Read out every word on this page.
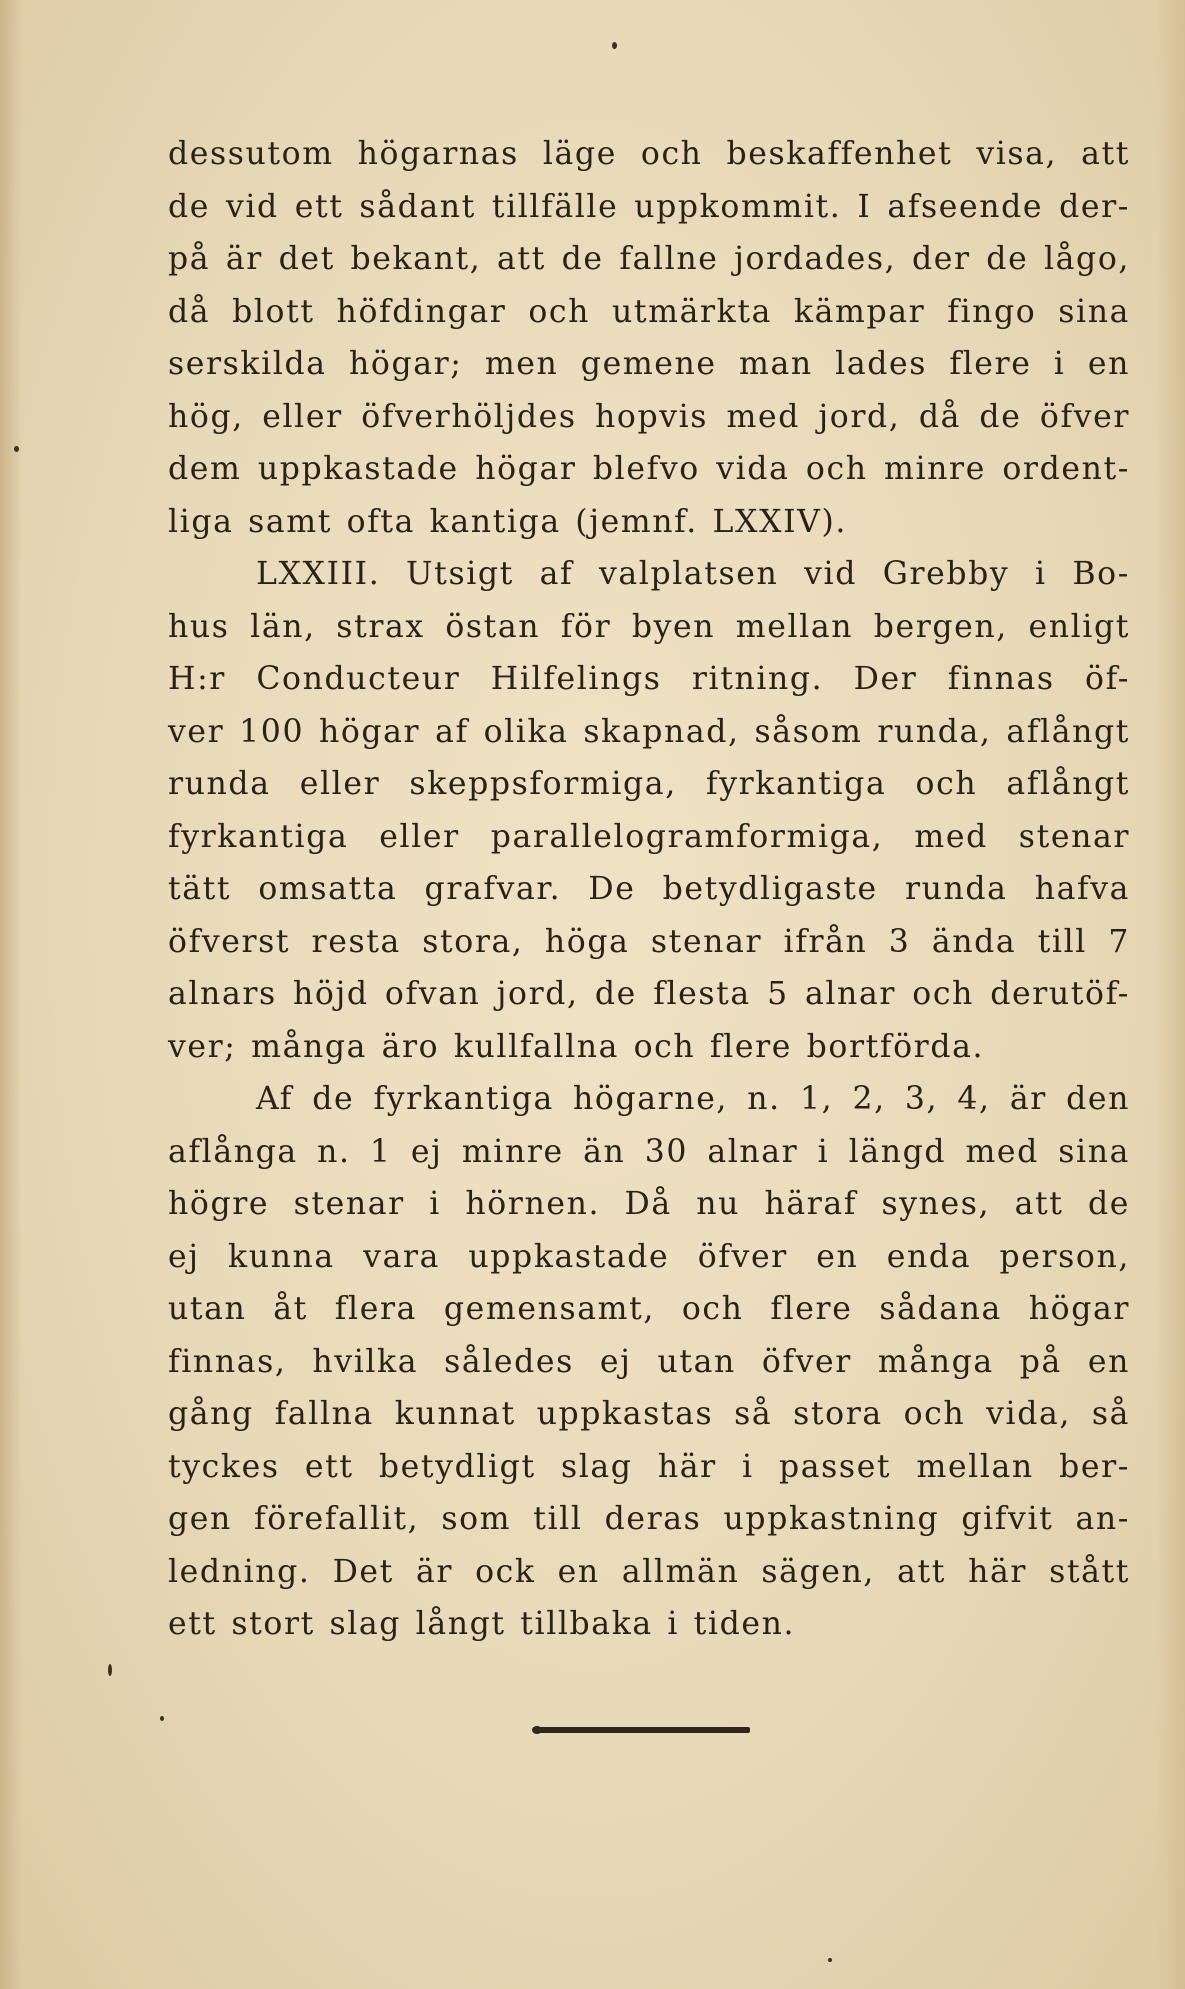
dessutom högarnas läge och beskaffenhet visa, att
de vid ett sådant tillfälle uppkommit. I afseende der-
på är det bekant, att de fallne jordades, der de lågo,
då blott höfdingar och utmärkta kämpar fingo sina
serskilda högar; men gemene man lades flere i en
hög, eller öfverhöljdes hopvis med jord, då de öfver
dem uppkastade högar blefvo vida och minre ordent-
liga samt ofta kantiga (jemnf. LXXIV).
LXXIII. Utsigt af valplatsen vid Grebby i Bo-
hus län, strax östan för byen mellan bergen, enligt
H:r Conducteur Hilfelings ritning. Der finnas öf-
ver 100 högar af olika skapnad, såsom runda, aflångt
runda eller skeppsformiga, fyrkantiga och aflångt
fyrkantiga eller parallelogramformiga, med stenar
tätt omsatta grafvar. De betydligaste runda hafva
öfverst resta stora, höga stenar ifrån 3 ända till 7
alnars höjd ofvan jord, de flesta 5 alnar och derutöf-
ver; många äro kullfallna och flere bortförda.
Af de fyrkantiga högarne, n. 1, 2, 3, 4, är den
aflånga n. 1 ej minre än 30 alnar i längd med sina
högre stenar i hörnen. Då nu häraf synes, att de
ej kunna vara uppkastade öfver en enda person,
utan åt flera gemensamt, och flere sådana högar
finnas, hvilka således ej utan öfver många på en
gång fallna kunnat uppkastas så stora och vida, så
tyckes ett betydligt slag här i passet mellan ber-
gen förefallit, som till deras uppkastning gifvit an-
ledning. Det är ock en allmän sägen, att här stått
ett stort slag långt tillbaka i tiden.
